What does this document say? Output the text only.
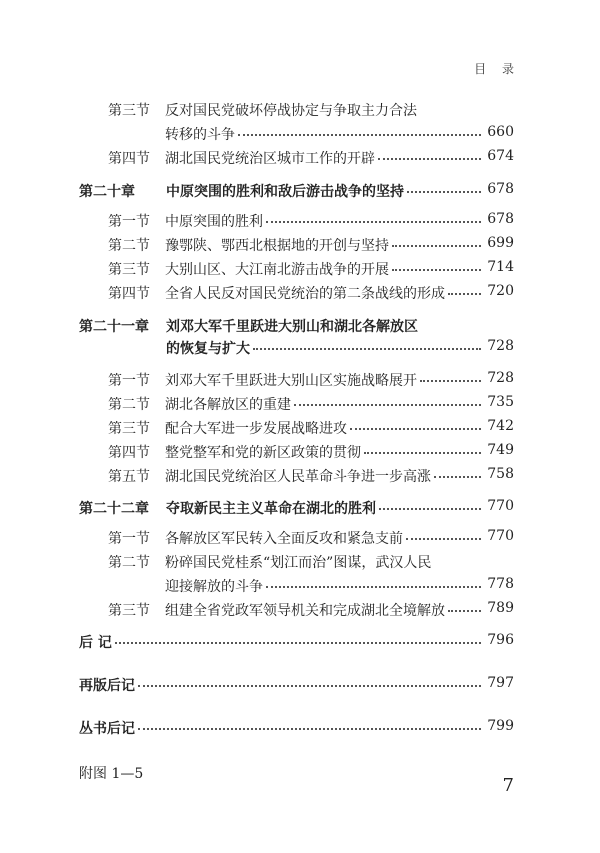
目 录
第三节 反对国民党破坏停战协定与争取主力合法
转移的斗争	660
第四节 湖北国民党统治区城市工作的开辟	674
第二十章 中原突围的胜利和敌后游击战争的坚持	678
第一节 中原突围的胜利	678
第二节 豫鄂陕、鄂西北根据地的开创与坚持	699
第三节 大别山区、大江南北游击战争的开展	714
第四节 全省人民反对国民党统治的第二条战线的形成	720
第二十一章 刘邓大军千里跃进大别山和湖北各解放区
的恢复与扩大	728
第一节 刘邓大军千里跃进大别山区实施战略展开	728
第二节 湖北各解放区的重建	735
第三节 配合大军进一步发展战略进攻	742
第四节 整党整军和党的新区政策的贯彻	749
第五节 湖北国民党统治区人民革命斗争进一步高涨	758
第二十二章 夺取新民主主义革命在湖北的胜利	770
第一节 各解放区军民转入全面反攻和紧急支前	770
第二节 粉碎国民党桂系“划江而治”图谋，武汉人民
迎接解放的斗争	778
第三节 组建全省党政军领导机关和完成湖北全境解放	789
后 记	796
再版后记	797
丛书后记	799
附图 1—5
7
